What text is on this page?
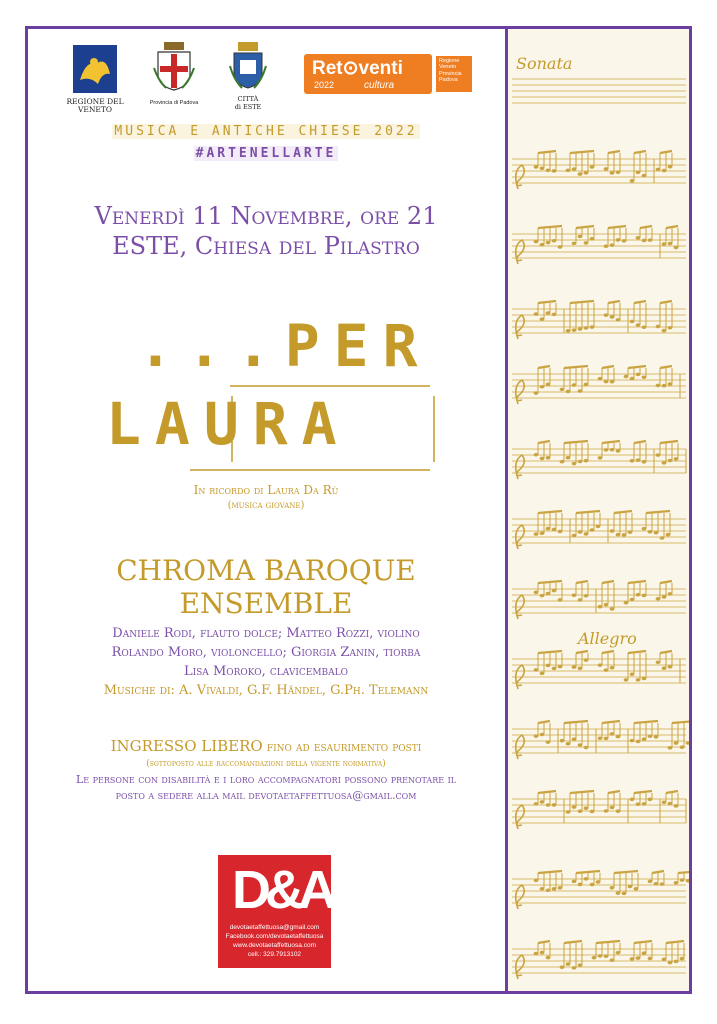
REGIONE DEL VENETO
Provincia di Padova	CITTÀ
di ESTE
Ret⊙venti
2022	cultura
Regione
Veneto
Provincia
Padova
MUSICA E ANTICHE CHIESE 2022
#ARTENELLARTE
Venerdì 11 Novembre, ore 21
ESTE, Chiesa del Pilastro
...PER
LAURA
In ricordo di Laura Da Rù
(musica giovane)
CHROMA BAROQUE
ENSEMBLE
Daniele Rodi, flauto dolce; Matteo Rozzi, violino
Rolando Moro, violoncello; Giorgia Zanin, tiorba
Lisa Moroko, clavicembalo
Musiche di: A. Vivaldi, G.F. Händel, G.Ph. Telemann
INGRESSO LIBERO fino ad esaurimento posti
(sottoposto alle raccomandazioni della vigente normativa)
Le persone con disabilità e i loro accompagnatori possono prenotare il
posto a sedere alla mail devotaetaffettuosa@gmail.com
D&A
devotaetaffettuosa@gmail.com
Facebook.com/devotaetaffettuosa
www.devotaetaffettuosa.com
cell.: 329.7913102
Sonata
Allegro
